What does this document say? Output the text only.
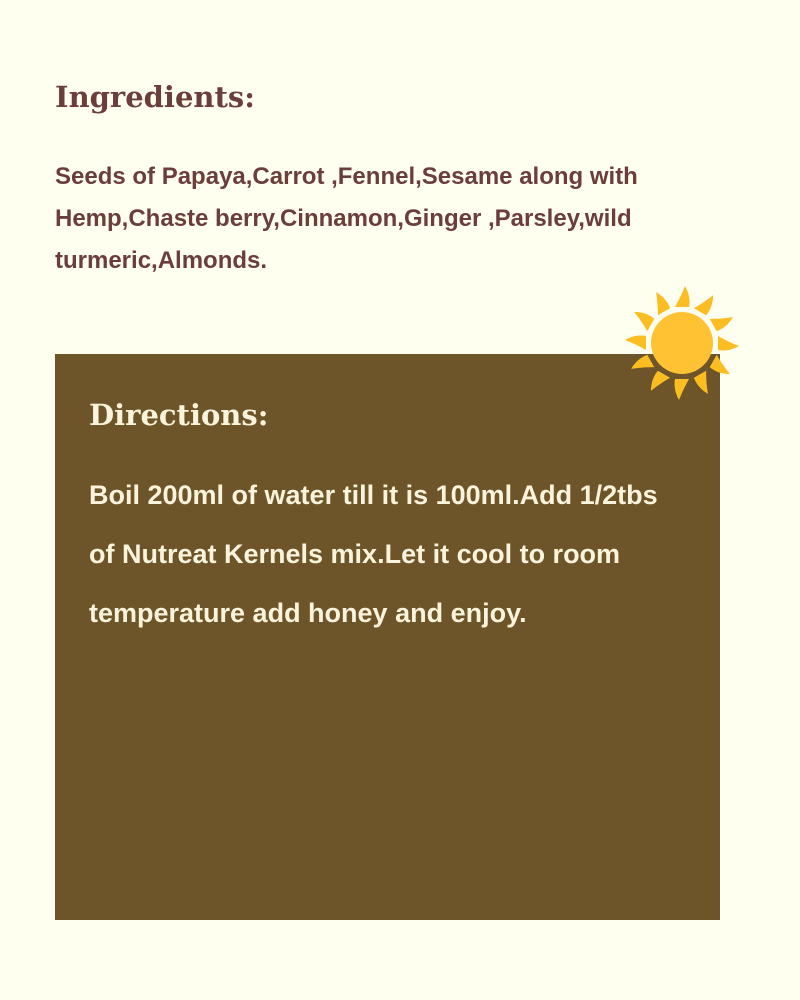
Ingredients:

Seeds of Papaya,Carrot ,Fennel,Sesame along with Hemp,Chaste berry,Cinnamon,Ginger ,Parsley,wild turmeric,Almonds.

Directions:

Boil 200ml of water till it is 100ml.Add 1/2tbs of Nutreat Kernels mix.Let it cool to room temperature add honey and enjoy.
